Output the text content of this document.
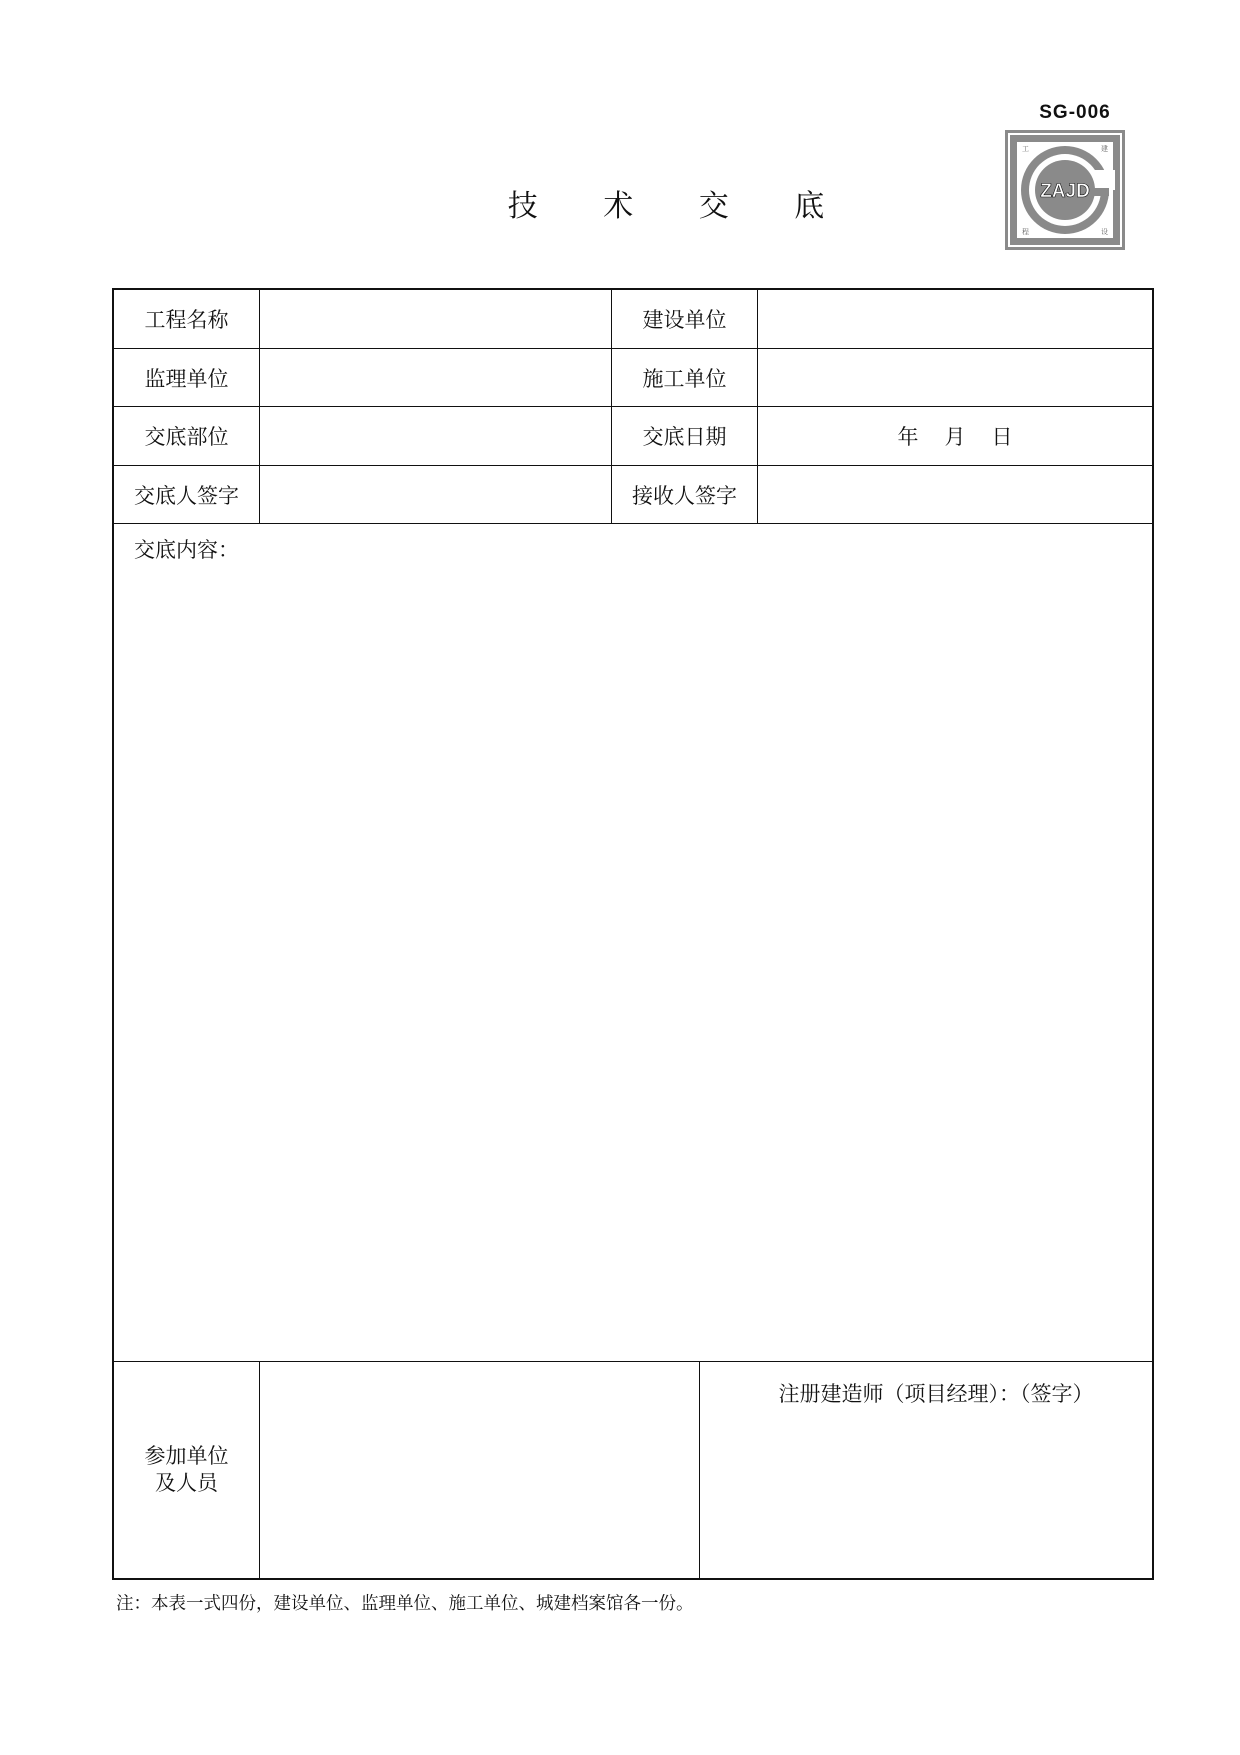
SG-006
ZAJD
工	建
程	设
技 术 交 底
工程名称	建设单位
监理单位	施工单位
交底部位	交底日期	年 月 日
交底人签字	接收人签字
交底内容：
参加单位
及人员
注册建造师（项目经理）：（签字）
注：本表一式四份，建设单位、监理单位、施工单位、城建档案馆各一份。
